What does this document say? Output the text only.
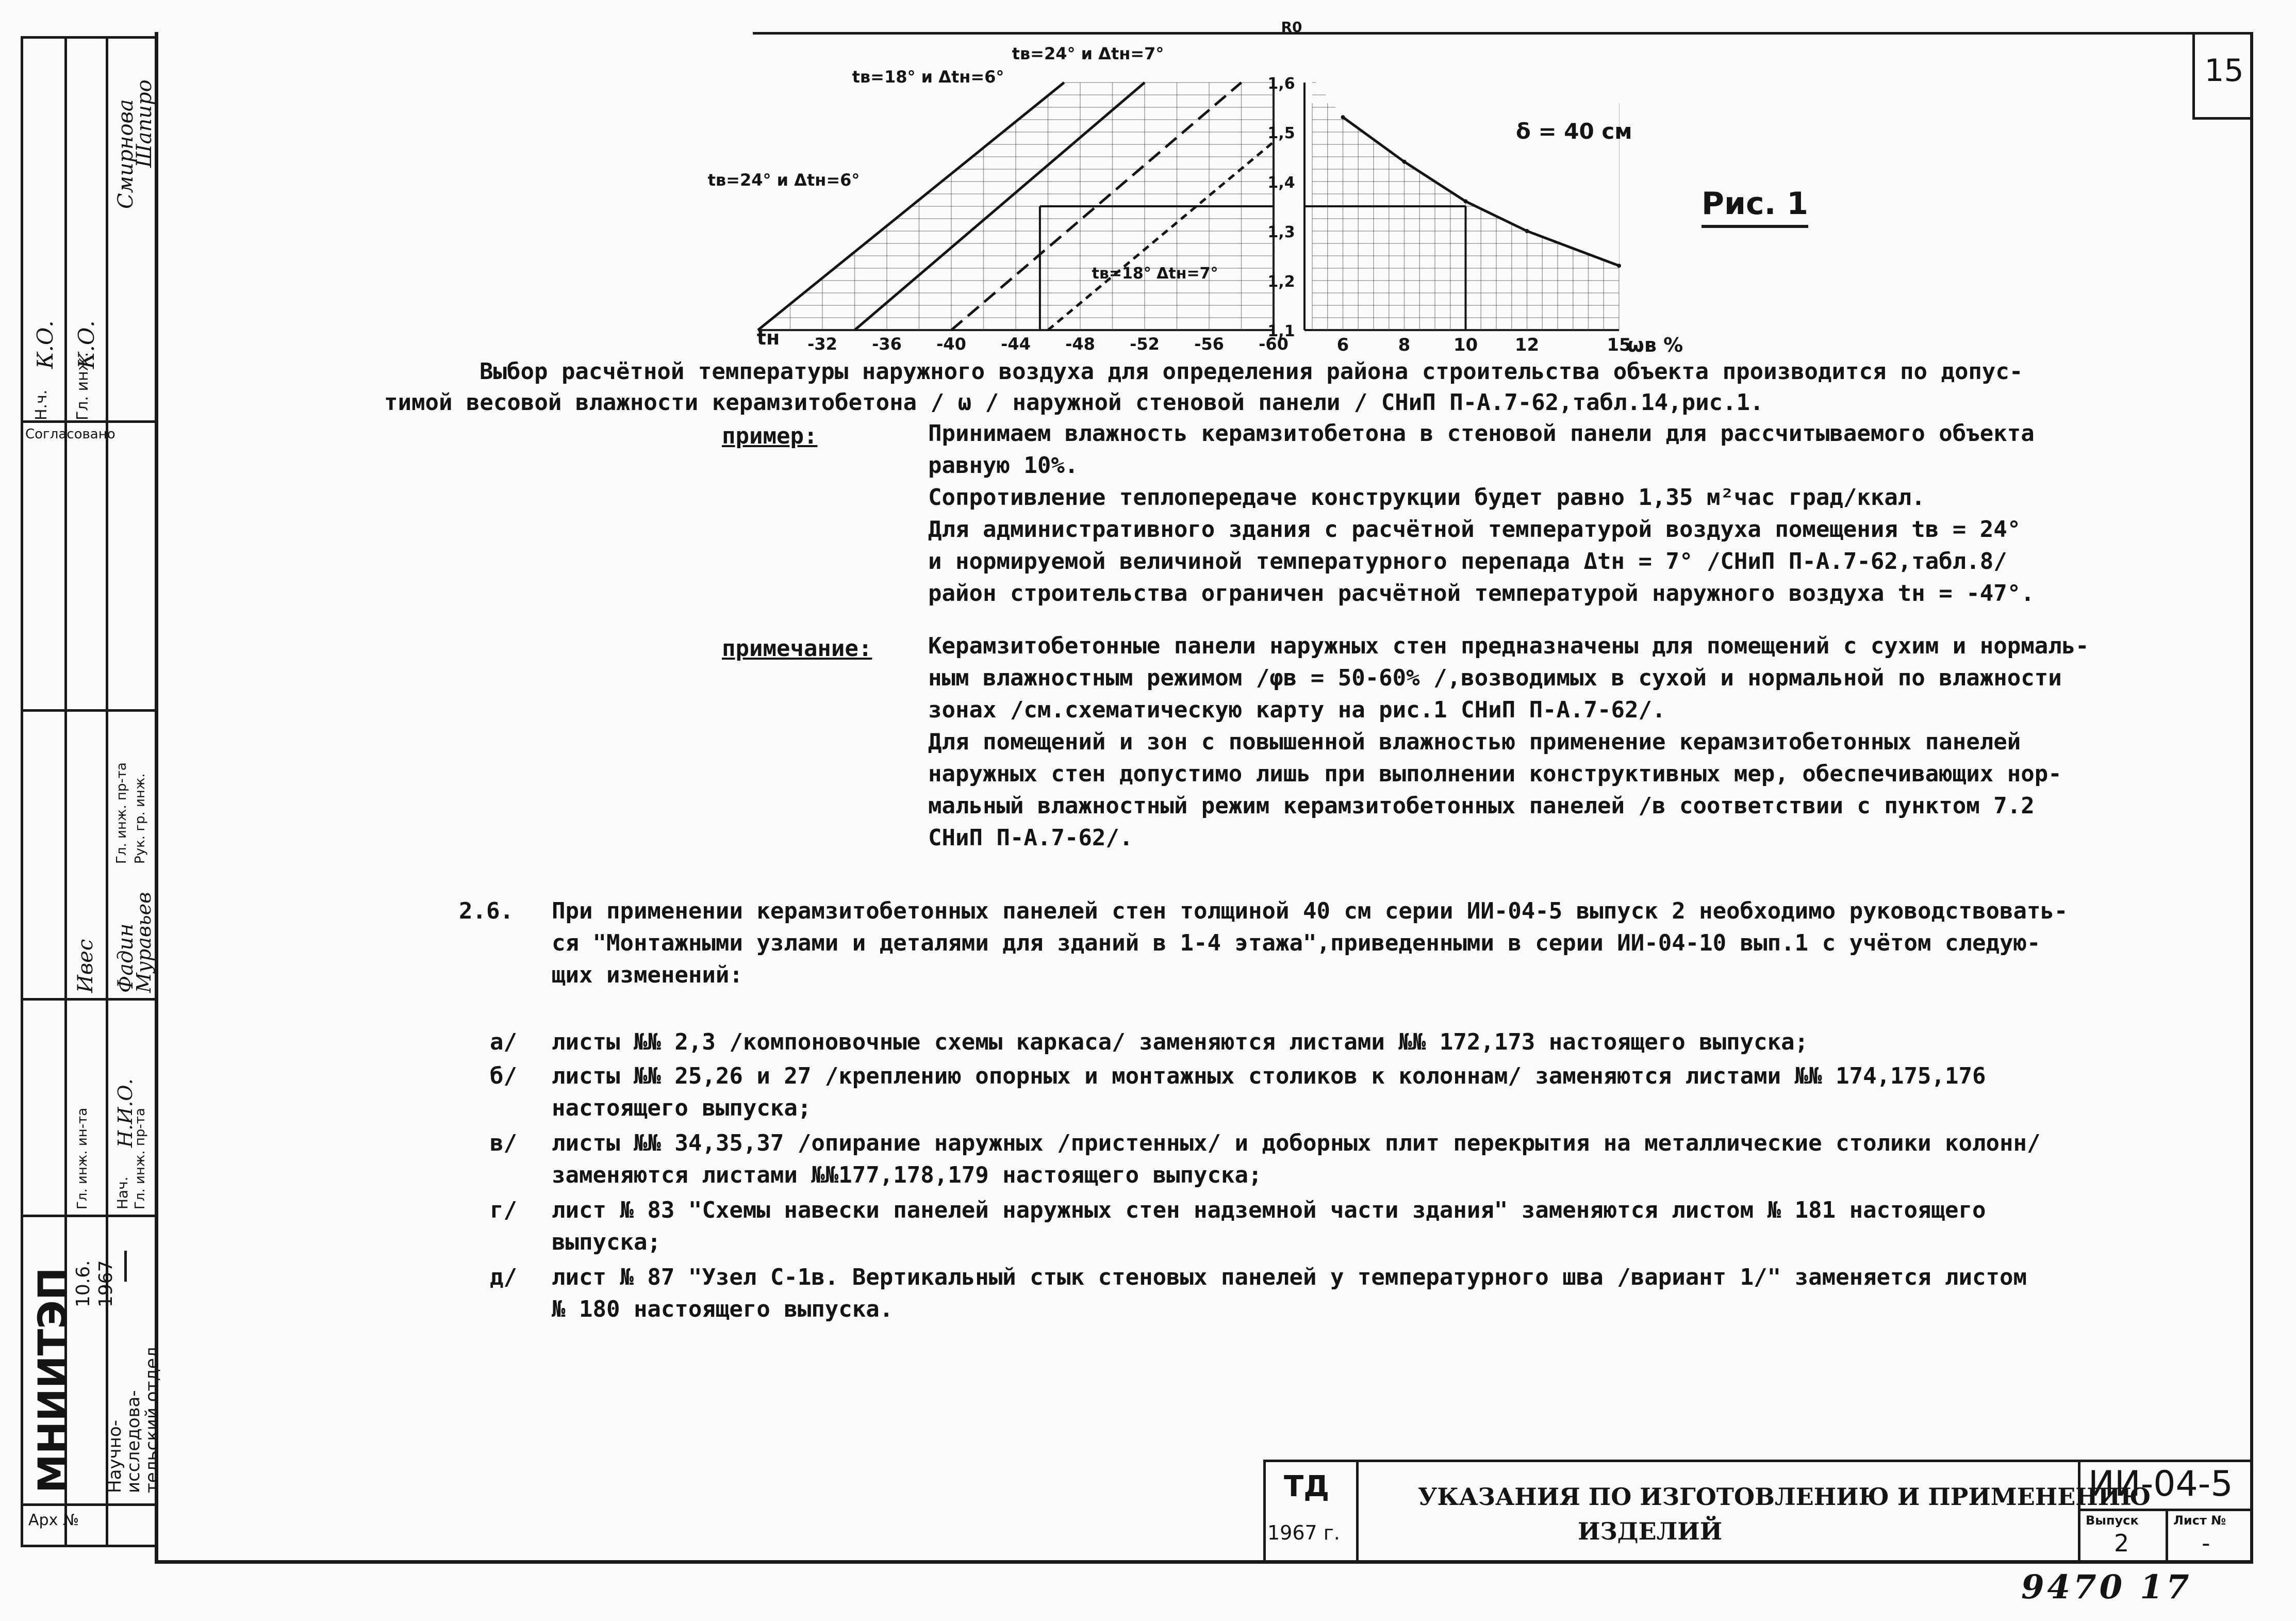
Н.ч. Гл. инж.
К.О. К.О.
Смирнова
Шапиро
Согласовано
Гл. инж. пр-та Рук. гр. инж.
Ивес Фадин
Муравьев
Гл. инж. ин-та Нач. Гл. инж. пр-та
Н.И.О.
10.6. 1967
МНИИТЭП Научно-исследова- тельский отдел
Арх №
15
-32 -36 -40 -44 -48 -52 -56 -60
tн
tв=18° и Δtн=6°
tв=24° и Δtн=7°
tв=24° и Δtн=6°
tв=18° Δtн=7°
6	8 10 12	15
1,6
1,5
1,4
1,3
1,2
1,1
ωв %
R0
Рис. 1
δ = 40 см
Выбор расчётной температуры наружного воздуха для определения района строительства объекта производится по допус-
тимой весовой влажности керамзитобетона / ω / наружной стеновой панели / СНиП П-А.7-62,табл.14,рис.1.
пример:	Принимаем влажность керамзитобетона в стеновой панели для рассчитываемого объекта
равную 10%.
Сопротивление теплопередаче конструкции будет равно 1,35 м²час град/ккал.
Для административного здания с расчётной температурой воздуха помещения tв = 24°
и нормируемой величиной температурного перепада Δtн = 7° /СНиП П-А.7-62,табл.8/
район строительства ограничен расчётной температурой наружного воздуха tн = -47°.
примечание: Керамзитобетонные панели наружных стен предназначены для помещений с сухим и нормаль-
ным влажностным режимом /φв = 50-60% /,возводимых в сухой и нормальной по влажности
зонах /см.схематическую карту на рис.1 СНиП П-А.7-62/.
Для помещений и зон с повышенной влажностью применение керамзитобетонных панелей
наружных стен допустимо лишь при выполнении конструктивных мер, обеспечивающих нор-
мальный влажностный режим керамзитобетонных панелей /в соответствии с пунктом 7.2
СНиП П-А.7-62/.
2.6. При применении керамзитобетонных панелей стен толщиной 40 см серии ИИ-04-5 выпуск 2 необходимо руководствовать-
ся "Монтажными узлами и деталями для зданий в 1-4 этажа",приведенными в серии ИИ-04-10 вып.1 с учётом следую-
щих изменений:
а/ листы №№ 2,3 /компоновочные схемы каркаса/ заменяются листами №№ 172,173 настоящего выпуска;
б/ листы №№ 25,26 и 27 /креплению опорных и монтажных столиков к колоннам/ заменяются листами №№ 174,175,176
настоящего выпуска;
в/ листы №№ 34,35,37 /опирание наружных /пристенных/ и доборных плит перекрытия на металлические столики колонн/
заменяются листами №№177,178,179 настоящего выпуска;
г/ лист № 83 "Схемы навески панелей наружных стен надземной части здания" заменяются листом № 181 настоящего
выпуска;
д/ лист № 87 "Узел С-1в. Вертикальный стык стеновых панелей у температурного шва /вариант 1/" заменяется листом
№ 180 настоящего выпуска.
ТД
1967 г.
УКАЗАНИЯ ПО ИЗГОТОВЛЕНИЮ И ПРИМЕНЕНИЮ
ИЗДЕЛИЙ
ИИ-04-5
Выпуск
2
Лист №
-
9470 17
